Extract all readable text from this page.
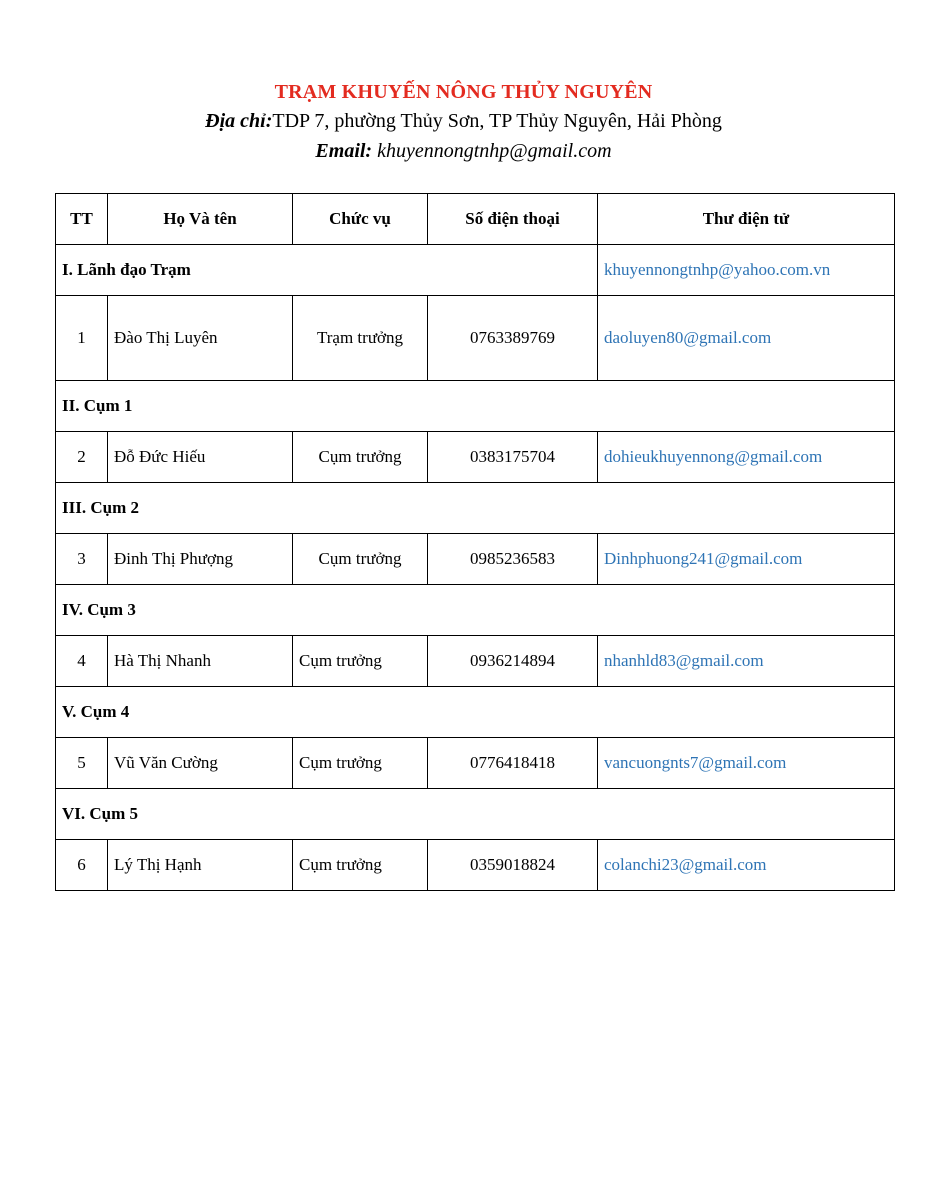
TRẠM KHUYẾN NÔNG THỦY NGUYÊN
Địa chỉ:TDP 7, phường Thủy Sơn, TP Thủy Nguyên, Hải Phòng
Email: khuyennongtnhp@gmail.com
TT	Họ Và tên	Chức vụ	Số điện thoại	Thư điện tử
I. Lãnh đạo Trạm				khuyennongtnhp@yahoo.com.vn
1	Đào Thị Luyên	Trạm trưởng	0763389769	daoluyen80@gmail.com
II. Cụm 1				
2	Đỗ Đức Hiếu	Cụm trưởng	0383175704	dohieukhuyennong@gmail.com
III. Cụm 2				
3	Đinh Thị Phượng	Cụm trưởng	0985236583	Dinhphuong241@gmail.com
IV. Cụm 3				
4	Hà Thị Nhanh	Cụm trưởng	0936214894	nhanhld83@gmail.com
V. Cụm 4				
5	Vũ Văn Cường	Cụm trưởng	0776418418	vancuongnts7@gmail.com
VI. Cụm 5				
6	Lý Thị Hạnh	Cụm trưởng	0359018824	colanchi23@gmail.com
